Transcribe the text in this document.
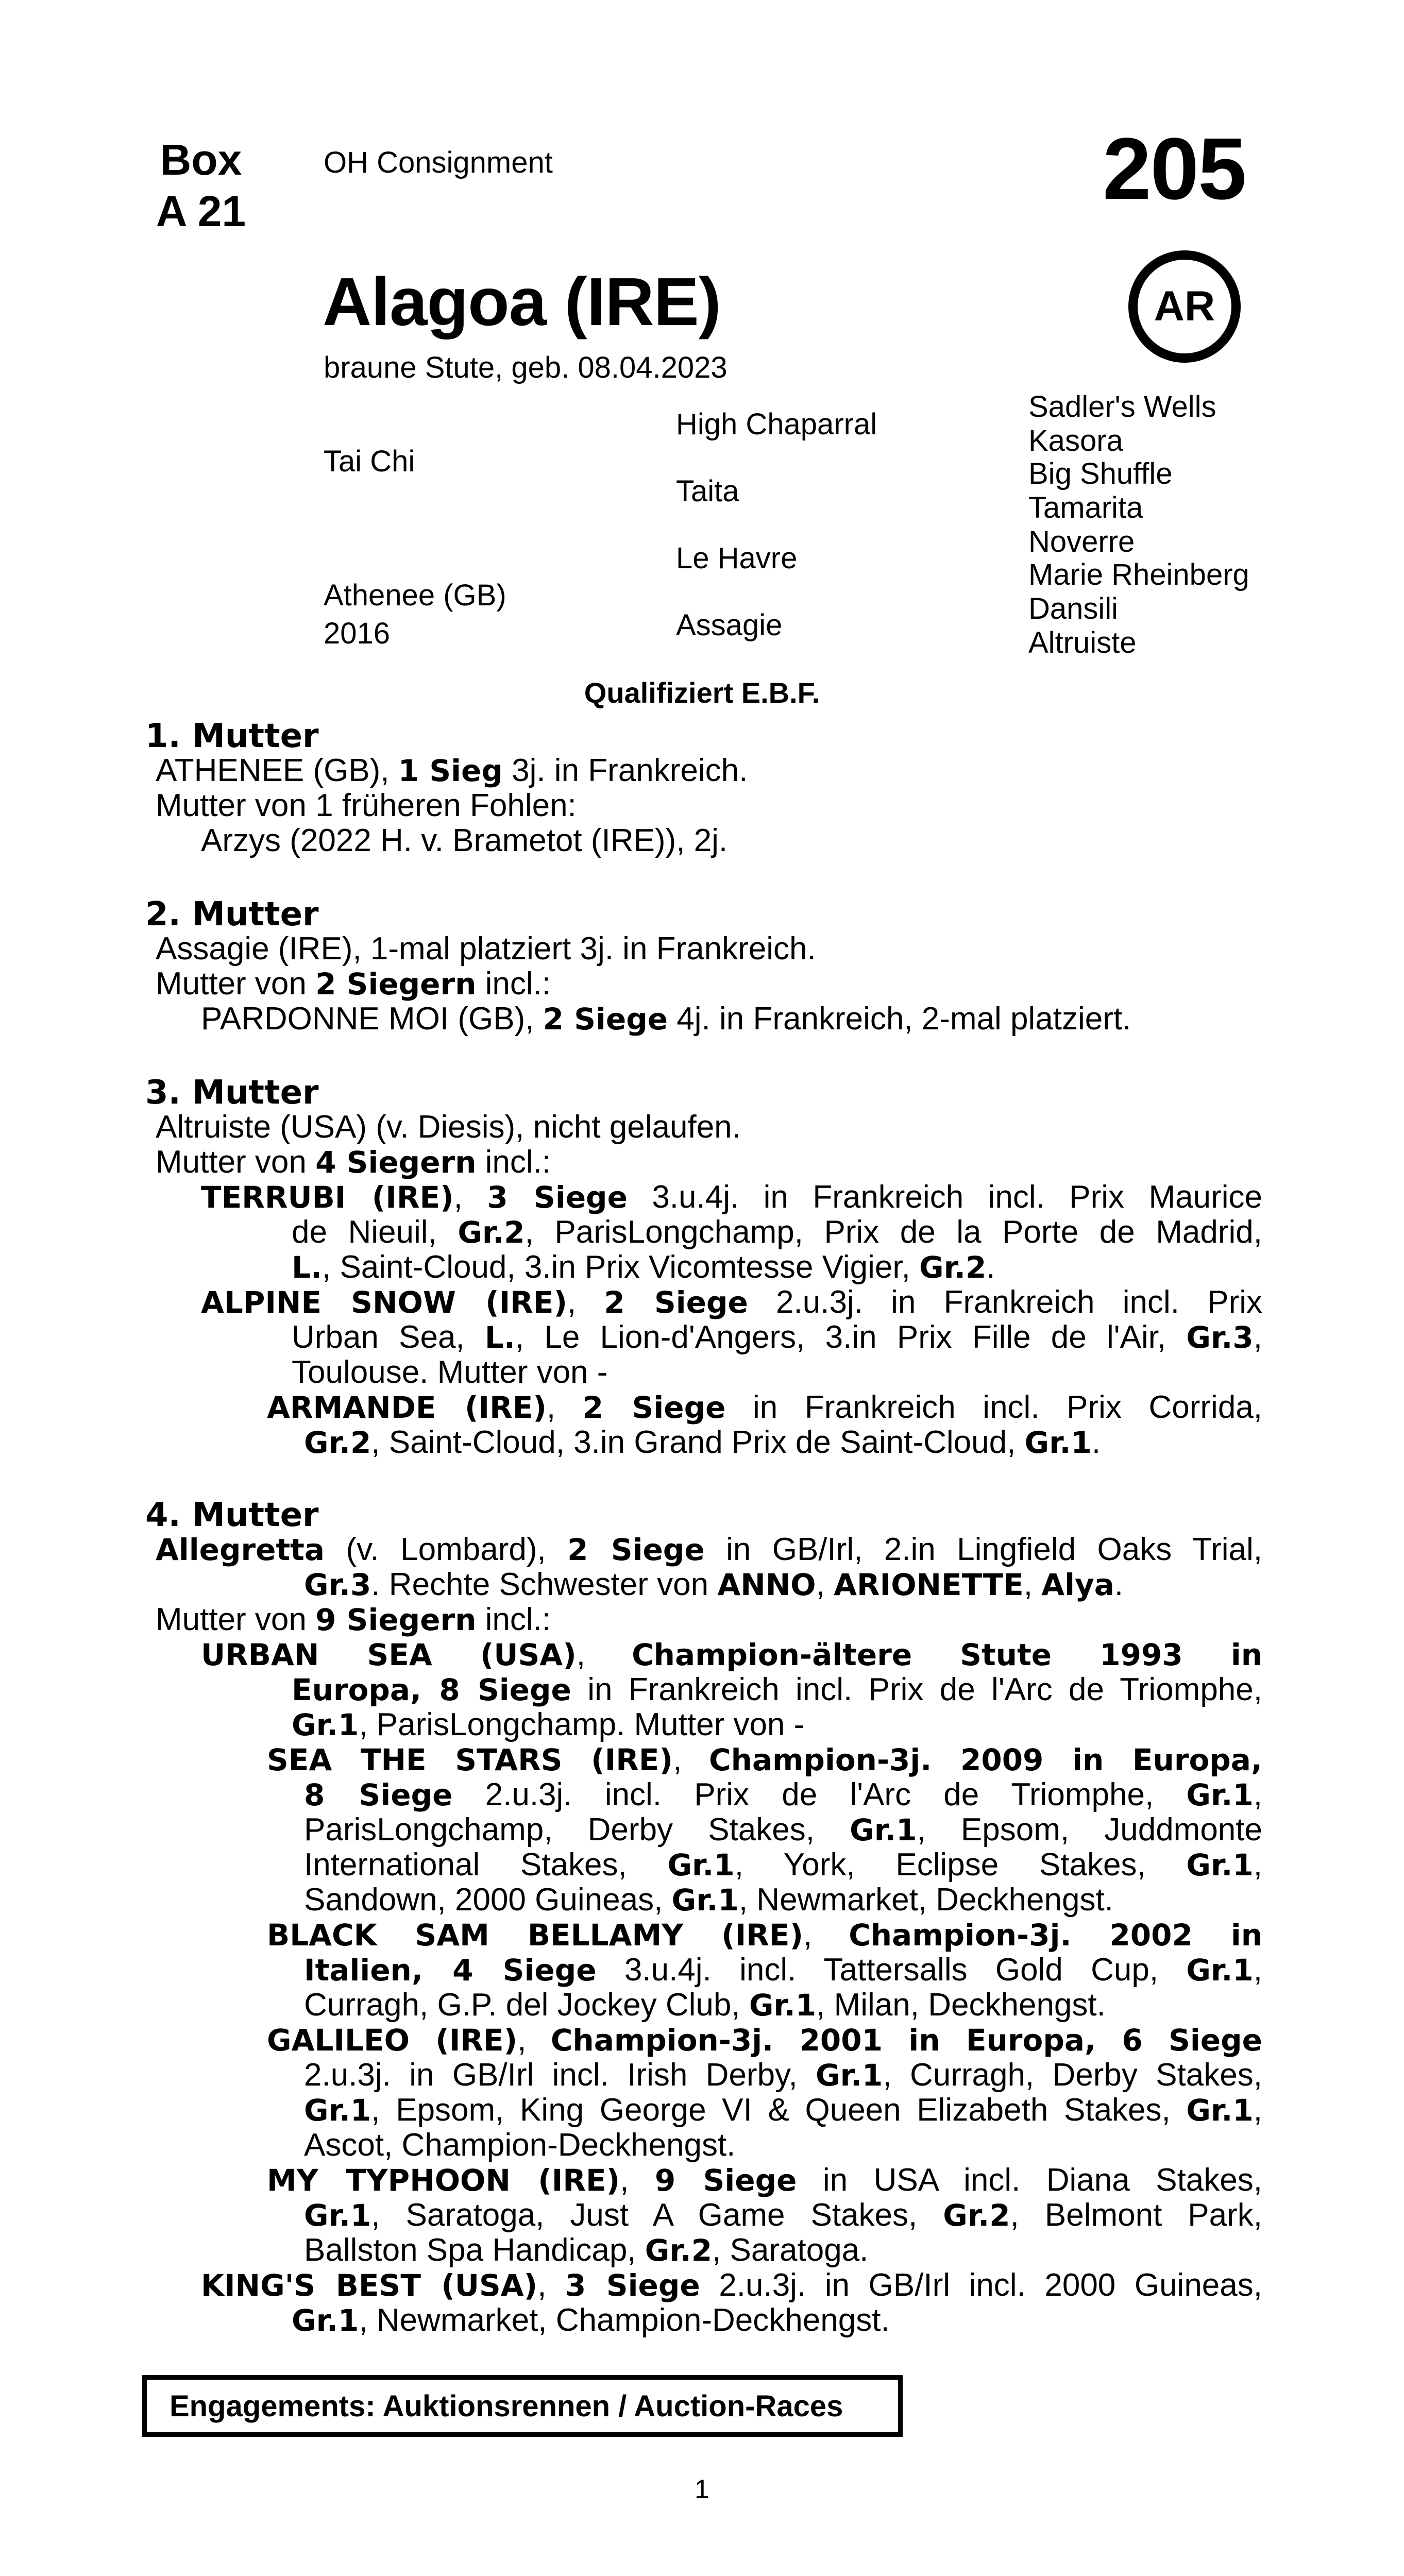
Box
A 21
OH Consignment	205
AR
Alagoa (IRE)
braune Stute, geb. 08.04.2023
Tai Chi
Athenee (GB)
2016
High Chaparral
Taita
Le Havre
Assagie
Sadler's Wells
Kasora
Big Shuffle
Tamarita
Noverre
Marie Rheinberg
Dansili
Altruiste
Qualifiziert E.B.F.
1. Mutter
ATHENEE (GB), 1 Sieg 3j. in Frankreich.
Mutter von 1 früheren Fohlen:
Arzys (2022 H. v. Brametot (IRE)), 2j.
2. Mutter
Assagie (IRE), 1-mal platziert 3j. in Frankreich.
Mutter von 2 Siegern incl.:
PARDONNE MOI (GB), 2 Siege 4j. in Frankreich, 2-mal platziert.
3. Mutter
Altruiste (USA) (v. Diesis), nicht gelaufen.
Mutter von 4 Siegern incl.:
TERRUBI (IRE), 3 Siege 3.u.4j. in Frankreich incl. Prix Maurice
de Nieuil, Gr.2, ParisLongchamp, Prix de la Porte de Madrid,
L., Saint-Cloud, 3.in Prix Vicomtesse Vigier, Gr.2.
ALPINE SNOW (IRE), 2 Siege 2.u.3j. in Frankreich incl. Prix
Urban Sea, L., Le Lion-d'Angers, 3.in Prix Fille de l'Air, Gr.3,
Toulouse. Mutter von -
ARMANDE (IRE), 2 Siege in Frankreich incl. Prix Corrida,
Gr.2, Saint-Cloud, 3.in Grand Prix de Saint-Cloud, Gr.1.
4. Mutter
Allegretta (v. Lombard), 2 Siege in GB/Irl, 2.in Lingfield Oaks Trial,
Gr.3. Rechte Schwester von ANNO, ARIONETTE, Alya.
Mutter von 9 Siegern incl.:
URBAN SEA (USA), Champion-ältere Stute 1993 in
Europa, 8 Siege in Frankreich incl. Prix de l'Arc de Triomphe,
Gr.1, ParisLongchamp. Mutter von -
SEA THE STARS (IRE), Champion-3j. 2009 in Europa,
8 Siege 2.u.3j. incl. Prix de l'Arc de Triomphe, Gr.1,
ParisLongchamp, Derby Stakes, Gr.1, Epsom, Juddmonte
International Stakes, Gr.1, York, Eclipse Stakes, Gr.1,
Sandown, 2000 Guineas, Gr.1, Newmarket, Deckhengst.
BLACK SAM BELLAMY (IRE), Champion-3j. 2002 in
Italien, 4 Siege 3.u.4j. incl. Tattersalls Gold Cup, Gr.1,
Curragh, G.P. del Jockey Club, Gr.1, Milan, Deckhengst.
GALILEO (IRE), Champion-3j. 2001 in Europa, 6 Siege
2.u.3j. in GB/Irl incl. Irish Derby, Gr.1, Curragh, Derby Stakes,
Gr.1, Epsom, King George VI & Queen Elizabeth Stakes, Gr.1,
Ascot, Champion-Deckhengst.
MY TYPHOON (IRE), 9 Siege in USA incl. Diana Stakes,
Gr.1, Saratoga, Just A Game Stakes, Gr.2, Belmont Park,
Ballston Spa Handicap, Gr.2, Saratoga.
KING'S BEST (USA), 3 Siege 2.u.3j. in GB/Irl incl. 2000 Guineas,
Gr.1, Newmarket, Champion-Deckhengst.
Engagements: Auktionsrennen / Auction-Races
1
